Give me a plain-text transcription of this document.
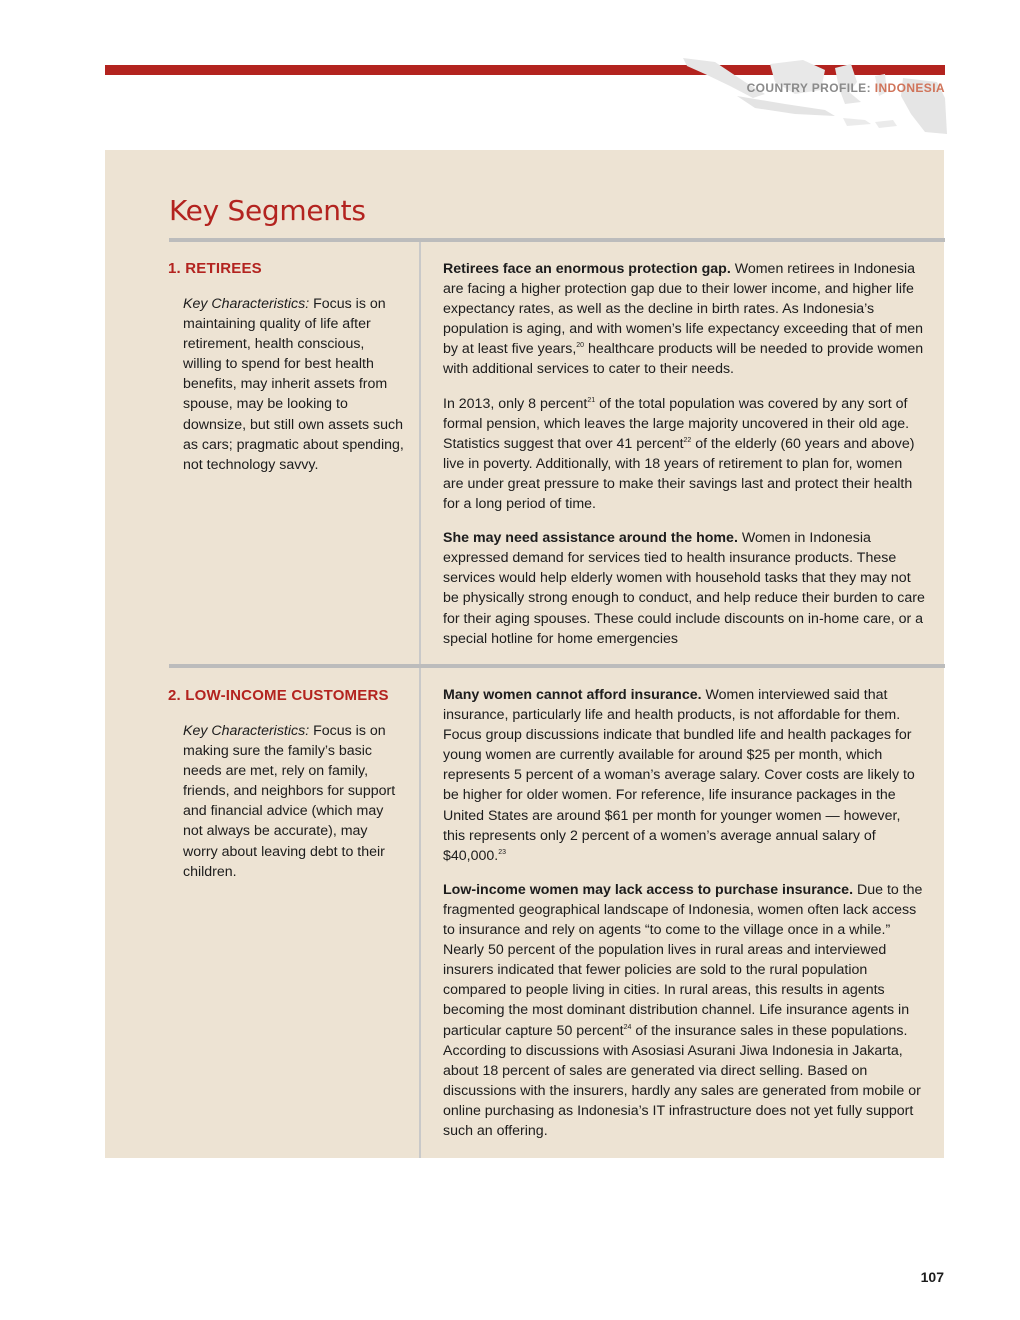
COUNTRY PROFILE: INDONESIA
Key Segments
1. RETIREES

Key Characteristics: Focus is on maintaining quality of life after retirement, health conscious, willing to spend for best health benefits, may inherit assets from spouse, may be looking to downsize, but still own assets such as cars; pragmatic about spending, not technology savvy.

Retirees face an enormous protection gap. Women retirees in Indonesia are facing a higher protection gap due to their lower income, and higher life expectancy rates, as well as the decline in birth rates. As Indonesia’s population is aging, and with women’s life expectancy exceeding that of men by at least five years,$^{20}$ healthcare products will be needed to provide women with additional services to cater to their needs.

In 2013, only 8 percent$^{21}$ of the total population was covered by any sort of formal pension, which leaves the large majority uncovered in their old age. Statistics suggest that over 41 percent$^{22}$ of the elderly (60 years and above) live in poverty. Additionally, with 18 years of retirement to plan for, women are under great pressure to make their savings last and protect their health for a long period of time.

She may need assistance around the home. Women in Indonesia expressed demand for services tied to health insurance products. These services would help elderly women with household tasks that they may not be physically strong enough to conduct, and help reduce their burden to care for their aging spouses. These could include discounts on in-home care, or a special hotline for home emergencies

2. LOW-INCOME CUSTOMERS

Key Characteristics: Focus is on making sure the family’s basic needs are met, rely on family, friends, and neighbors for support and financial advice (which may not always be accurate), may worry about leaving debt to their children.

Many women cannot afford insurance. Women interviewed said that insurance, particularly life and health products, is not affordable for them. Focus group discussions indicate that bundled life and health packages for young women are currently available for around $25 per month, which represents 5 percent of a woman’s average salary. Cover costs are likely to be higher for older women. For reference, life insurance packages in the United States are around $61 per month for younger women — however, this represents only 2 percent of a women’s average annual salary of $40,000.23

Low-income women may lack access to purchase insurance. Due to the fragmented geographical landscape of Indonesia, women often lack access to insurance and rely on agents “to come to the village once in a while.” Nearly 50 percent of the population lives in rural areas and interviewed insurers indicated that fewer policies are sold to the rural population compared to people living in cities. In rural areas, this results in agents becoming the most dominant distribution channel. Life insurance agents in particular capture 50 percent$^{24}$ of the insurance sales in these populations. According to discussions with Asosiasi Asurani Jiwa Indonesia in Jakarta, about 18 percent of sales are generated via direct selling. Based on discussions with the insurers, hardly any sales are generated from mobile or online purchasing as Indonesia’s IT infrastructure does not yet fully support such an offering.

107
